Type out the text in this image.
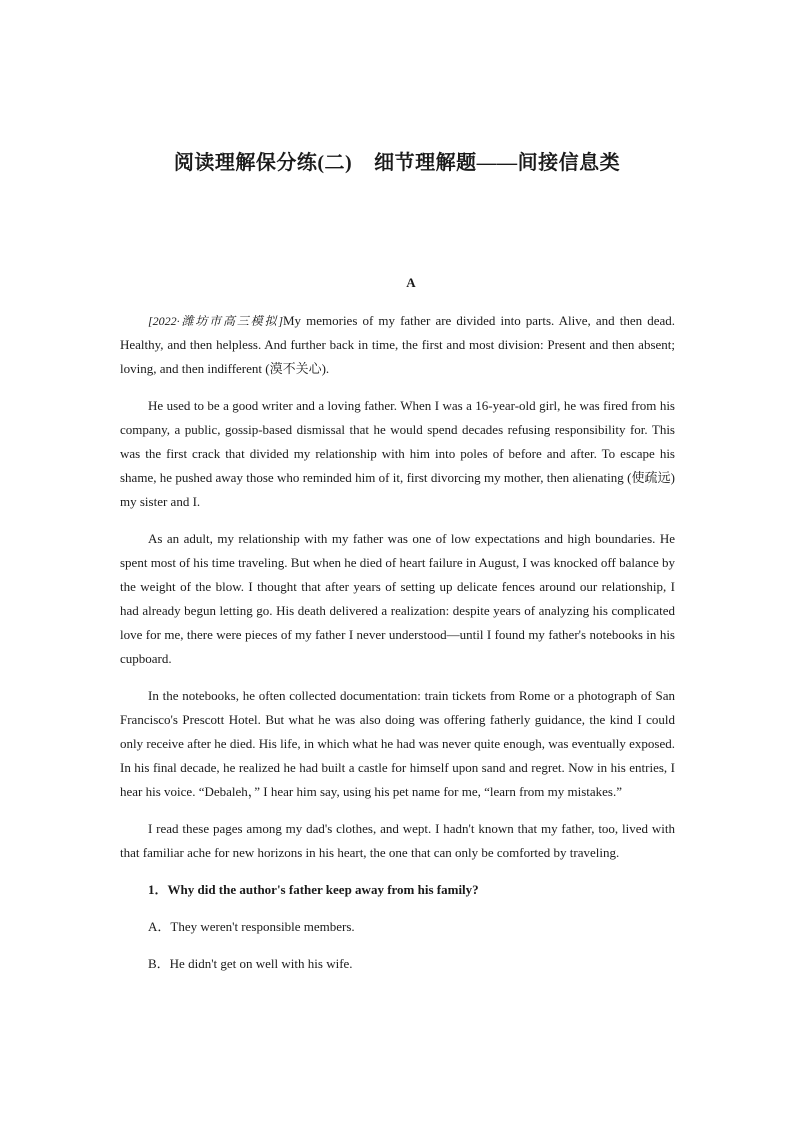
阅读理解保分练(二)    细节理解题——间接信息类
A

[2022·潍坊市高三模拟]My memories of my father are divided into parts. Alive, and then dead. Healthy, and then helpless. And further back in time, the first and most division: Present and then absent; loving, and then indifferent (漠不关心).

He used to be a good writer and a loving father. When I was a 16-year-old girl, he was fired from his company, a public, gossip-based dismissal that he would spend decades refusing responsibility for. This was the first crack that divided my relationship with him into poles of before and after. To escape his shame, he pushed away those who reminded him of it, first divorcing my mother, then alienating (使疏远) my sister and I.

As an adult, my relationship with my father was one of low expectations and high boundaries. He spent most of his time traveling. But when he died of heart failure in August, I was knocked off balance by the weight of the blow. I thought that after years of setting up delicate fences around our relationship, I had already begun letting go. His death delivered a realization: despite years of analyzing his complicated love for me, there were pieces of my father I never understood—until I found my father's notebooks in his cupboard.

In the notebooks, he often collected documentation: train tickets from Rome or a photograph of San Francisco's Prescott Hotel. But what he was also doing was offering fatherly guidance, the kind I could only receive after he died. His life, in which what he had was never quite enough, was eventually exposed. In his final decade, he realized he had built a castle for himself upon sand and regret. Now in his entries, I hear his voice. “Debaleh，” I hear him say, using his pet name for me, “learn from my mistakes.”

I read these pages among my dad's clothes, and wept. I hadn't known that my father, too, lived with that familiar ache for new horizons in his heart, the one that can only be comforted by traveling.

1．Why did the author's father keep away from his family?

A．They weren't responsible members.

B．He didn't get on well with his wife.
